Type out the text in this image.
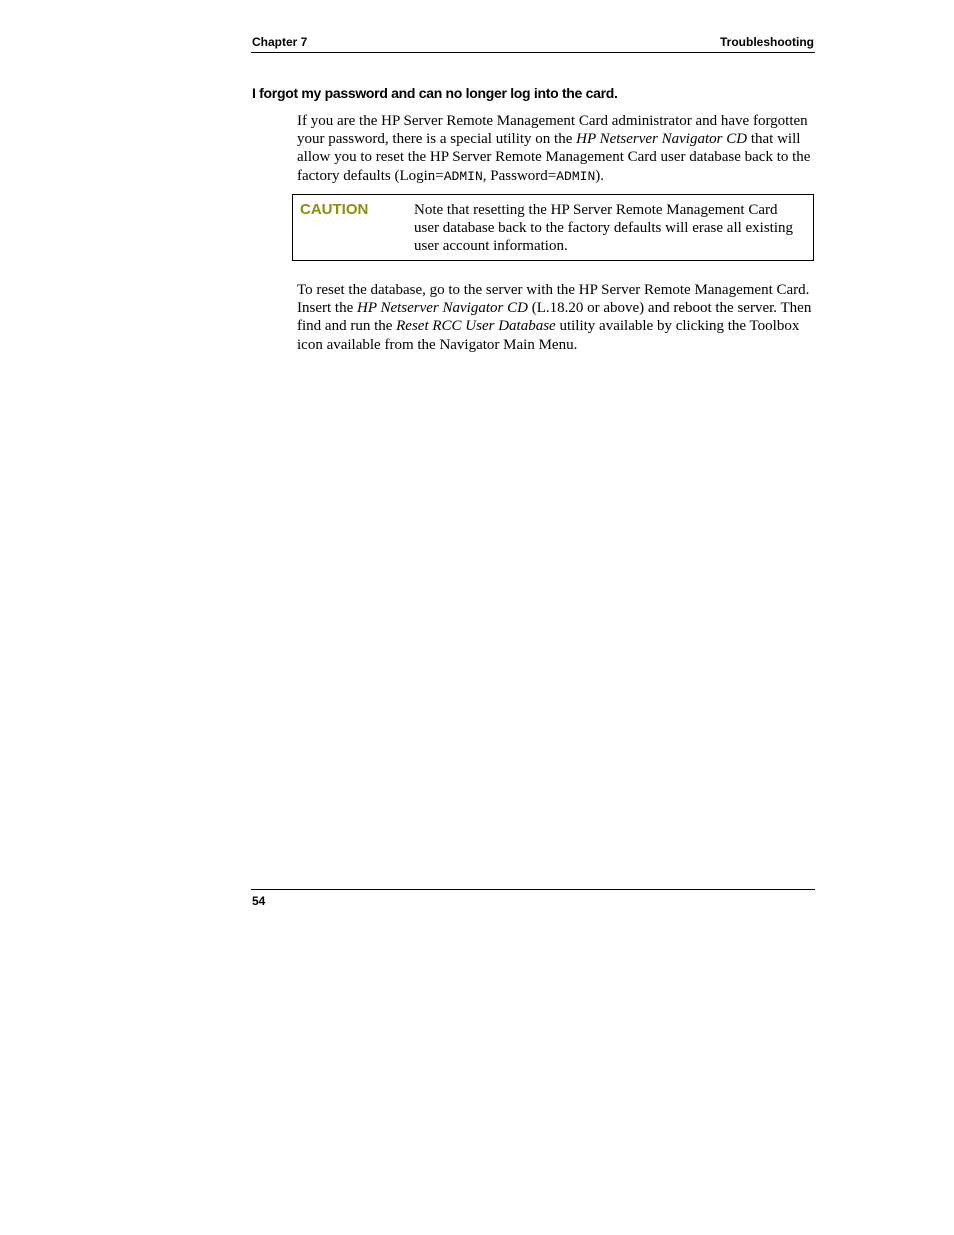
Chapter 7	Troubleshooting
I forgot my password and can no longer log into the card.

If you are the HP Server Remote Management Card administrator and have forgotten your password, there is a special utility on the HP Netserver Navigator CD that will allow you to reset the HP Server Remote Management Card user database back to the factory defaults (Login=ADMIN, Password=ADMIN).

CAUTION	Note that resetting the HP Server Remote Management Card user database back to the factory defaults will erase all existing user account information.

To reset the database, go to the server with the HP Server Remote Management Card. Insert the HP Netserver Navigator CD (L.18.20 or above) and reboot the server. Then find and run the Reset RCC User Database utility available by clicking the Toolbox icon available from the Navigator Main Menu.

54
